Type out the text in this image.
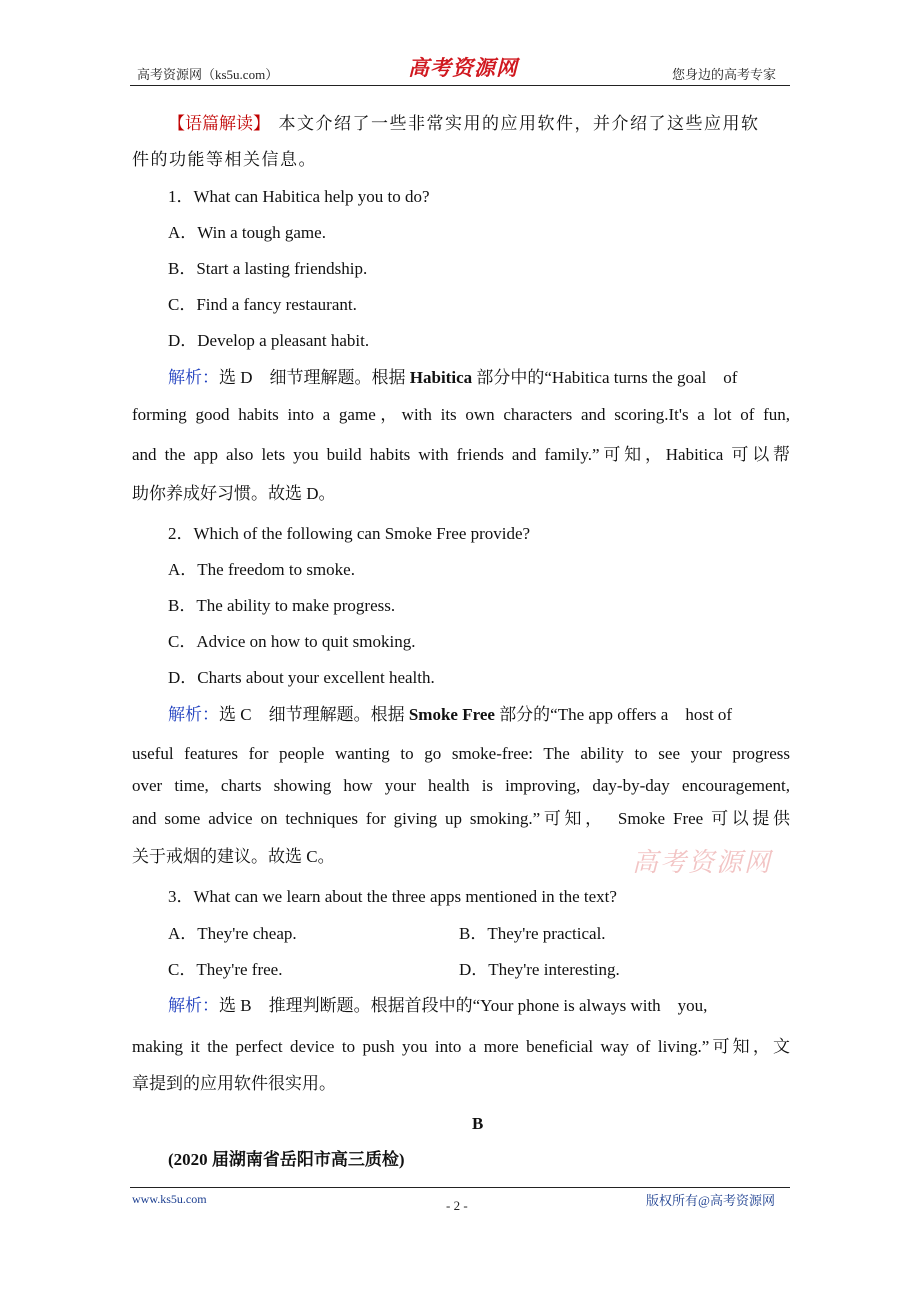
高考资源网（ks5u.com）	高考资源网	您身边的高考专家
【语篇解读】　 本文介绍了一些非常实用的应用软件，并介绍了这些应用软
件的功能等相关信息。
1．What can Habitica help you to do?
A．Win a tough game.
B．Start a lasting friendship.
C．Find a fancy restaurant.
D．Develop a pleasant habit.
解析：选 D　细节理解题。根据 Habitica 部分中的“Habitica turns the goal　of
forming good habits into a game，with its own characters and scoring.It's a lot of fun,
and the app also lets you build habits with friends and family.”可知，Habitica 可以帮
助你养成好习惯。故选 D。
2．Which of the following can Smoke Free provide?
A．The freedom to smoke.
B．The ability to make progress.
C．Advice on how to quit smoking.
D．Charts about your excellent health.
解析：选 C　细节理解题。根据 Smoke Free 部分的“The app offers a　host of
useful features for people wanting to go smoke-free: The ability to see your progress
over time, charts showing how your health is improving, day-by-day encouragement,
and some advice on techniques for giving up smoking.”可知，　Smoke Free 可以提供
关于戒烟的建议。故选 C。	高考资源网
3．What can we learn about the three apps mentioned in the text?
A．They're cheap.	B．They're practical.
C．They're free.	D．They're interesting.
解析：选 B　推理判断题。根据首段中的“Your phone is always with　you,
making it the perfect device to push you into a more beneficial way of living.”可知，文
章提到的应用软件很实用。
B
(2020 届湖南省岳阳市高三质检)
www.ks5u.com	- 2 -	版权所有@高考资源网
